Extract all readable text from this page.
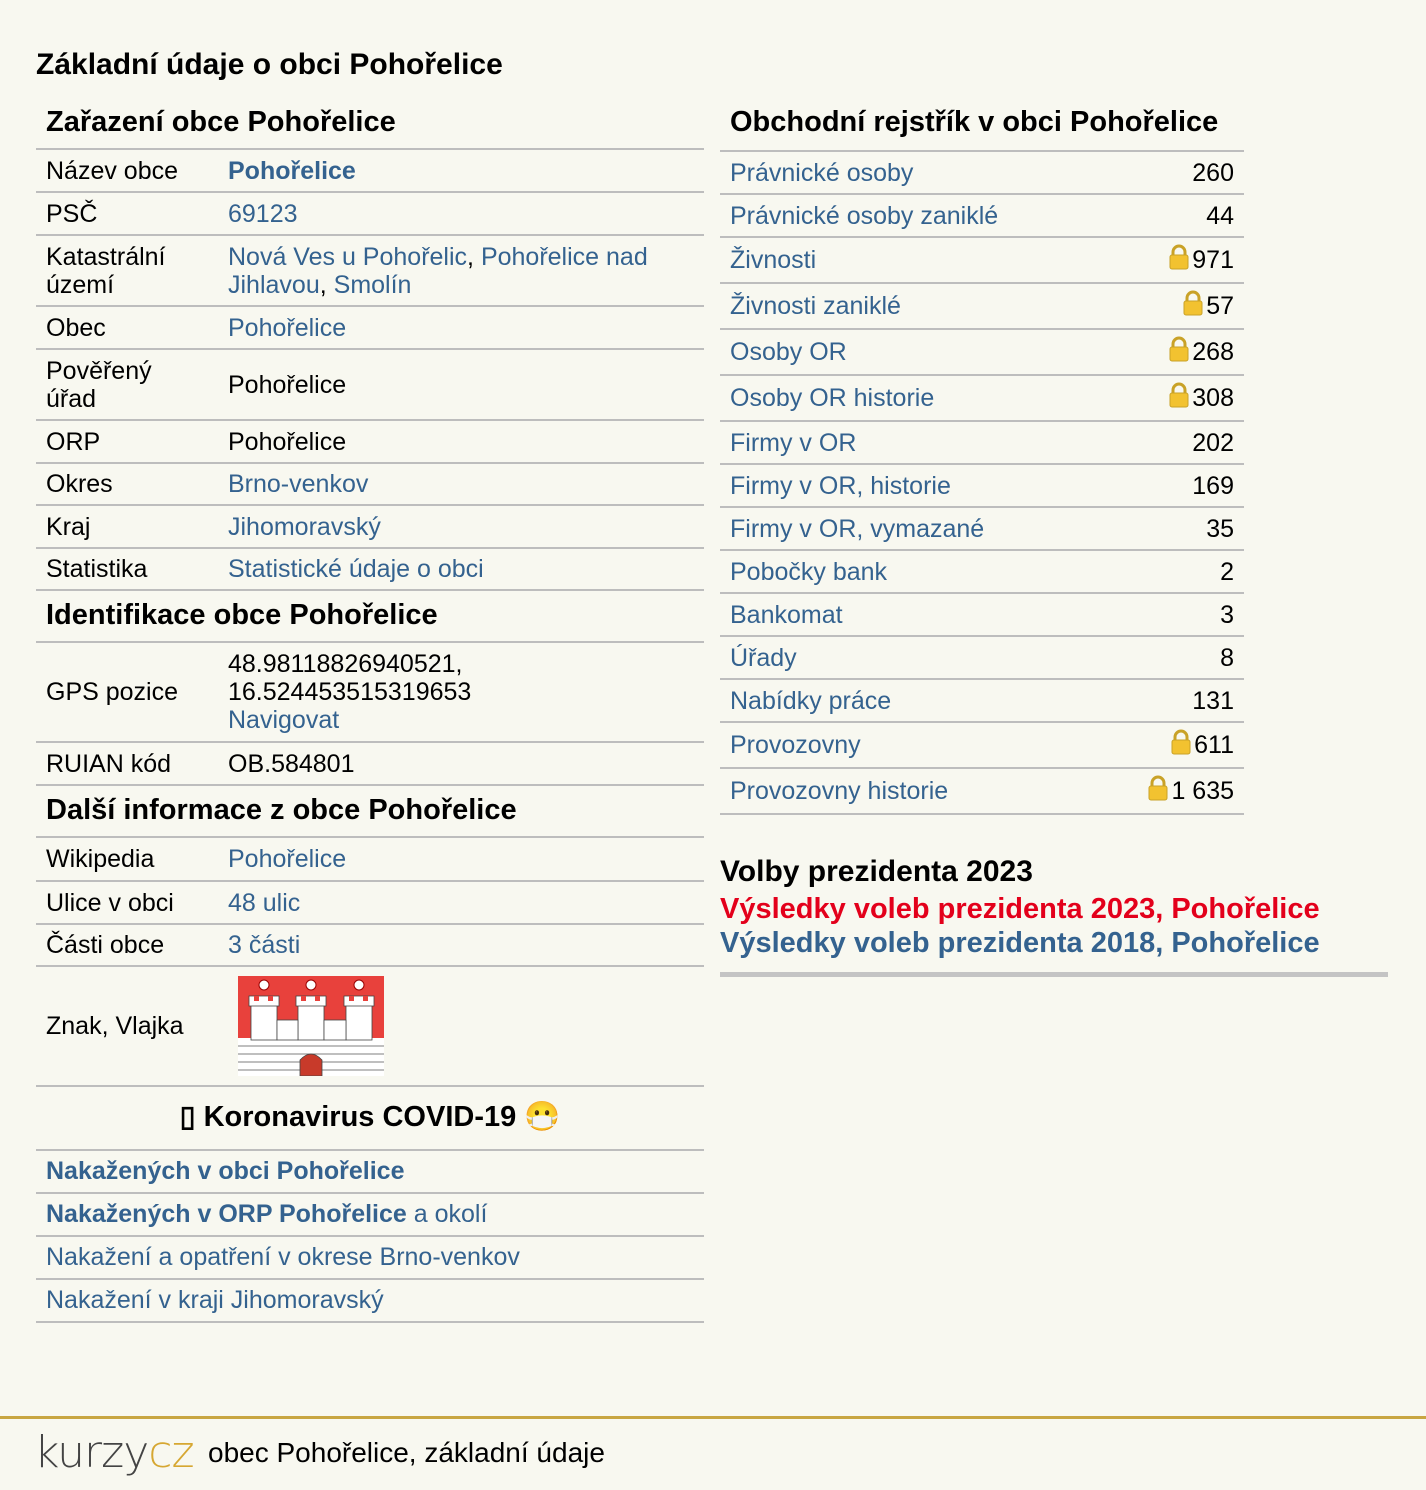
Základní údaje o obci Pohořelice
Zařazení obce Pohořelice
Název obce	Pohořelice
PSČ	69123
Katastrální území	Nová Ves u Pohořelic, Pohořelice nad Jihlavou, Smolín
Obec	Pohořelice
Pověřený úřad	Pohořelice
ORP	Pohořelice
Okres	Brno-venkov
Kraj	Jihomoravský
Statistika	Statistické údaje o obci
Identifikace obce Pohořelice
GPS pozice	48.98118826940521,
16.524453515319653
Navigovat
RUIAN kód	OB.584801
Další informace z obce Pohořelice
Wikipedia	Pohořelice
Ulice v obci	48 ulic
Části obce	3 části
Znak, Vlajka	
▯ Koronavirus COVID-19 😷
Nakažených v obci Pohořelice
Nakažených v ORP Pohořelice a okolí
Nakažení a opatření v okrese Brno-venkov
Nakažení v kraji Jihomoravský
Obchodní rejstřík v obci Pohořelice
Právnické osoby	260
Právnické osoby zaniklé	44
Živnosti	971
Živnosti zaniklé	57
Osoby OR	268
Osoby OR historie	308
Firmy v OR	202
Firmy v OR, historie	169
Firmy v OR, vymazané	35
Pobočky bank	2
Bankomat	3
Úřady	8
Nabídky práce	131
Provozovny	611
Provozovny historie	1 635
Volby prezidenta 2023
Výsledky voleb prezidenta 2023, Pohořelice
Výsledky voleb prezidenta 2018, Pohořelice
kurzycz obec Pohořelice, základní údaje
